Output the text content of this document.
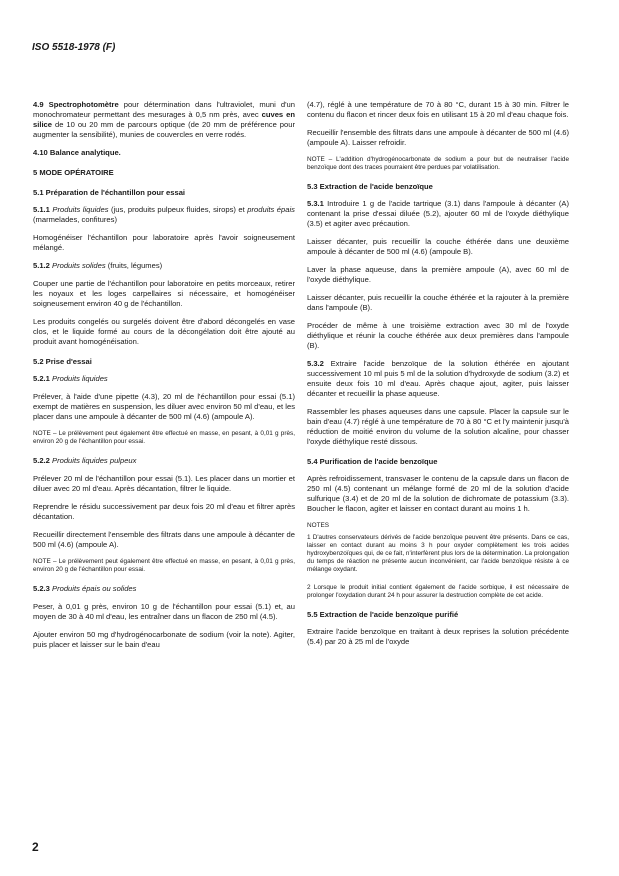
ISO 5518-1978 (F)

4.9 Spectrophotomètre pour détermination dans l'ultraviolet, muni d'un monochromateur permettant des mesurages à 0,5 nm près, avec cuves en silice de 10 ou 20 mm de parcours optique (de 20 mm de préférence pour augmenter la sensibilité), munies de couvercles en verre rodés.

4.10 Balance analytique.

5 MODE OPÉRATOIRE

5.1 Préparation de l'échantillon pour essai

5.1.1 Produits liquides (jus, produits pulpeux fluides, sirops) et produits épais (marmelades, confitures)

Homogénéiser l'échantillon pour laboratoire après l'avoir soigneusement mélangé.

5.1.2 Produits solides (fruits, légumes)

Couper une partie de l'échantillon pour laboratoire en petits morceaux, retirer les noyaux et les loges carpellaires si nécessaire, et homogénéiser soigneusement environ 40 g de l'échantillon.

Les produits congelés ou surgelés doivent être d'abord décongelés en vase clos, et le liquide formé au cours de la décongélation doit être ajouté au produit avant homogénéisation.

5.2 Prise d'essai

5.2.1 Produits liquides

Prélever, à l'aide d'une pipette (4.3), 20 ml de l'échantillon pour essai (5.1) exempt de matières en suspension, les diluer avec environ 50 ml d'eau, et les placer dans une ampoule à décanter de 500 ml (4.6) (ampoule A).

NOTE – Le prélèvement peut également être effectué en masse, en pesant, à 0,01 g près, environ 20 g de l'échantillon pour essai.

5.2.2 Produits liquides pulpeux

Prélever 20 ml de l'échantillon pour essai (5.1). Les placer dans un mortier et diluer avec 20 ml d'eau. Après décantation, filtrer le liquide.

Reprendre le résidu successivement par deux fois 20 ml d'eau et filtrer après décantation.

Recueillir directement l'ensemble des filtrats dans une ampoule à décanter de 500 ml (4.6) (ampoule A).

NOTE – Le prélèvement peut également être effectué en masse, en pesant, à 0,01 g près, environ 20 g de l'échantillon pour essai.

5.2.3 Produits épais ou solides

Peser, à 0,01 g près, environ 10 g de l'échantillon pour essai (5.1) et, au moyen de 30 à 40 ml d'eau, les entraîner dans un flacon de 250 ml (4.5).

Ajouter environ 50 mg d'hydrogénocarbonate de sodium (voir la note). Agiter, puis placer et laisser sur le bain d'eau

(4.7), réglé à une température de 70 à 80 °C, durant 15 à 30 min. Filtrer le contenu du flacon et rincer deux fois en utilisant 15 à 20 ml d'eau chaque fois.

Recueillir l'ensemble des filtrats dans une ampoule à décanter de 500 ml (4.6) (ampoule A). Laisser refroidir.

NOTE – L'addition d'hydrogénocarbonate de sodium a pour but de neutraliser l'acide benzoïque dont des traces pourraient être perdues par volatilisation.

5.3 Extraction de l'acide benzoïque

5.3.1 Introduire 1 g de l'acide tartrique (3.1) dans l'ampoule à décanter (A) contenant la prise d'essai diluée (5.2), ajouter 60 ml de l'oxyde diéthylique (3.5) et agiter avec précaution.

Laisser décanter, puis recueillir la couche éthérée dans une deuxième ampoule à décanter de 500 ml (4.6) (ampoule B).

Laver la phase aqueuse, dans la première ampoule (A), avec 60 ml de l'oxyde diéthylique.

Laisser décanter, puis recueillir la couche éthérée et la rajouter à la première dans l'ampoule (B).

Procéder de même à une troisième extraction avec 30 ml de l'oxyde diéthylique et réunir la couche éthérée aux deux premières dans l'ampoule (B).

5.3.2 Extraire l'acide benzoïque de la solution éthérée en ajoutant successivement 10 ml puis 5 ml de la solution d'hydroxyde de sodium (3.2) et ensuite deux fois 10 ml d'eau. Après chaque ajout, agiter, puis laisser décanter et recueillir la phase aqueuse.

Rassembler les phases aqueuses dans une capsule. Placer la capsule sur le bain d'eau (4.7) réglé à une température de 70 à 80 °C et l'y maintenir jusqu'à réduction de moitié environ du volume de la solution alcaline, pour chasser l'oxyde diéthylique resté dissous.

5.4 Purification de l'acide benzoïque

Après refroidissement, transvaser le contenu de la capsule dans un flacon de 250 ml (4.5) contenant un mélange formé de 20 ml de la solution d'acide sulfurique (3.4) et de 20 ml de la solution de dichromate de potassium (3.3). Boucher le flacon, agiter et laisser en contact durant au moins 1 h.

NOTES

1 D'autres conservateurs dérivés de l'acide benzoïque peuvent être présents. Dans ce cas, laisser en contact durant au moins 3 h pour oxyder complètement les trois acides hydroxybenzoïques qui, de ce fait, n'interfèrent plus lors de la détermination. La prolongation du temps de réaction ne présente aucun inconvénient, car l'acide benzoïque résiste à ce mélange oxydant.

2 Lorsque le produit initial contient également de l'acide sorbique, il est nécessaire de prolonger l'oxydation durant 24 h pour assurer la destruction complète de cet acide.

5.5 Extraction de l'acide benzoïque purifié

Extraire l'acide benzoïque en traitant à deux reprises la solution précédente (5.4) par 20 à 25 ml de l'oxyde

2
